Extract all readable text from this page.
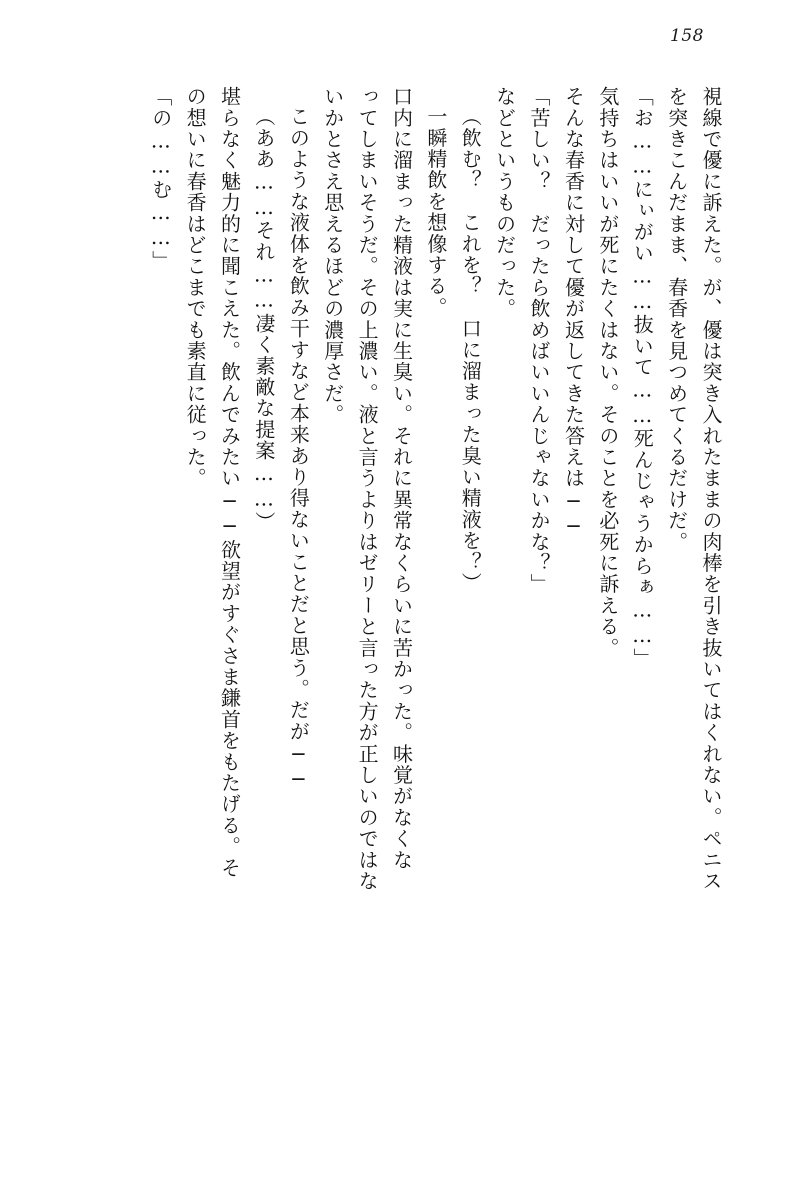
158
視線で優に訴えた。が、優は突き入れたままの肉棒を引き抜いてはくれない。ペニス
を突きこんだまま、春香を見つめてくるだけだ。
「お……にぃがい……抜いて……死んじゃうからぁ……」
気持ちはいいが死にたくはない。そのことを必死に訴える。
そんな春香に対して優が返してきた答えは──
「苦しい？　だったら飲めばいいんじゃないかな？」
などというものだった。
（飲む？　これを？　口に溜まった臭い精液を？）
一瞬精飲を想像する。
口内に溜まった精液は実に生臭い。それに異常なくらいに苦かった。味覚がなくな
ってしまいそうだ。その上濃い。液と言うよりはゼリーと言った方が正しいのではな
いかとさえ思えるほどの濃厚さだ。
このような液体を飲み干すなど本来あり得ないことだと思う。だが──
（ああ……それ……凄く素敵な提案……）
堪らなく魅力的に聞こえた。飲んでみたい──欲望がすぐさま鎌首をもたげる。そ
の想いに春香はどこまでも素直に従った。
「の……む……」
